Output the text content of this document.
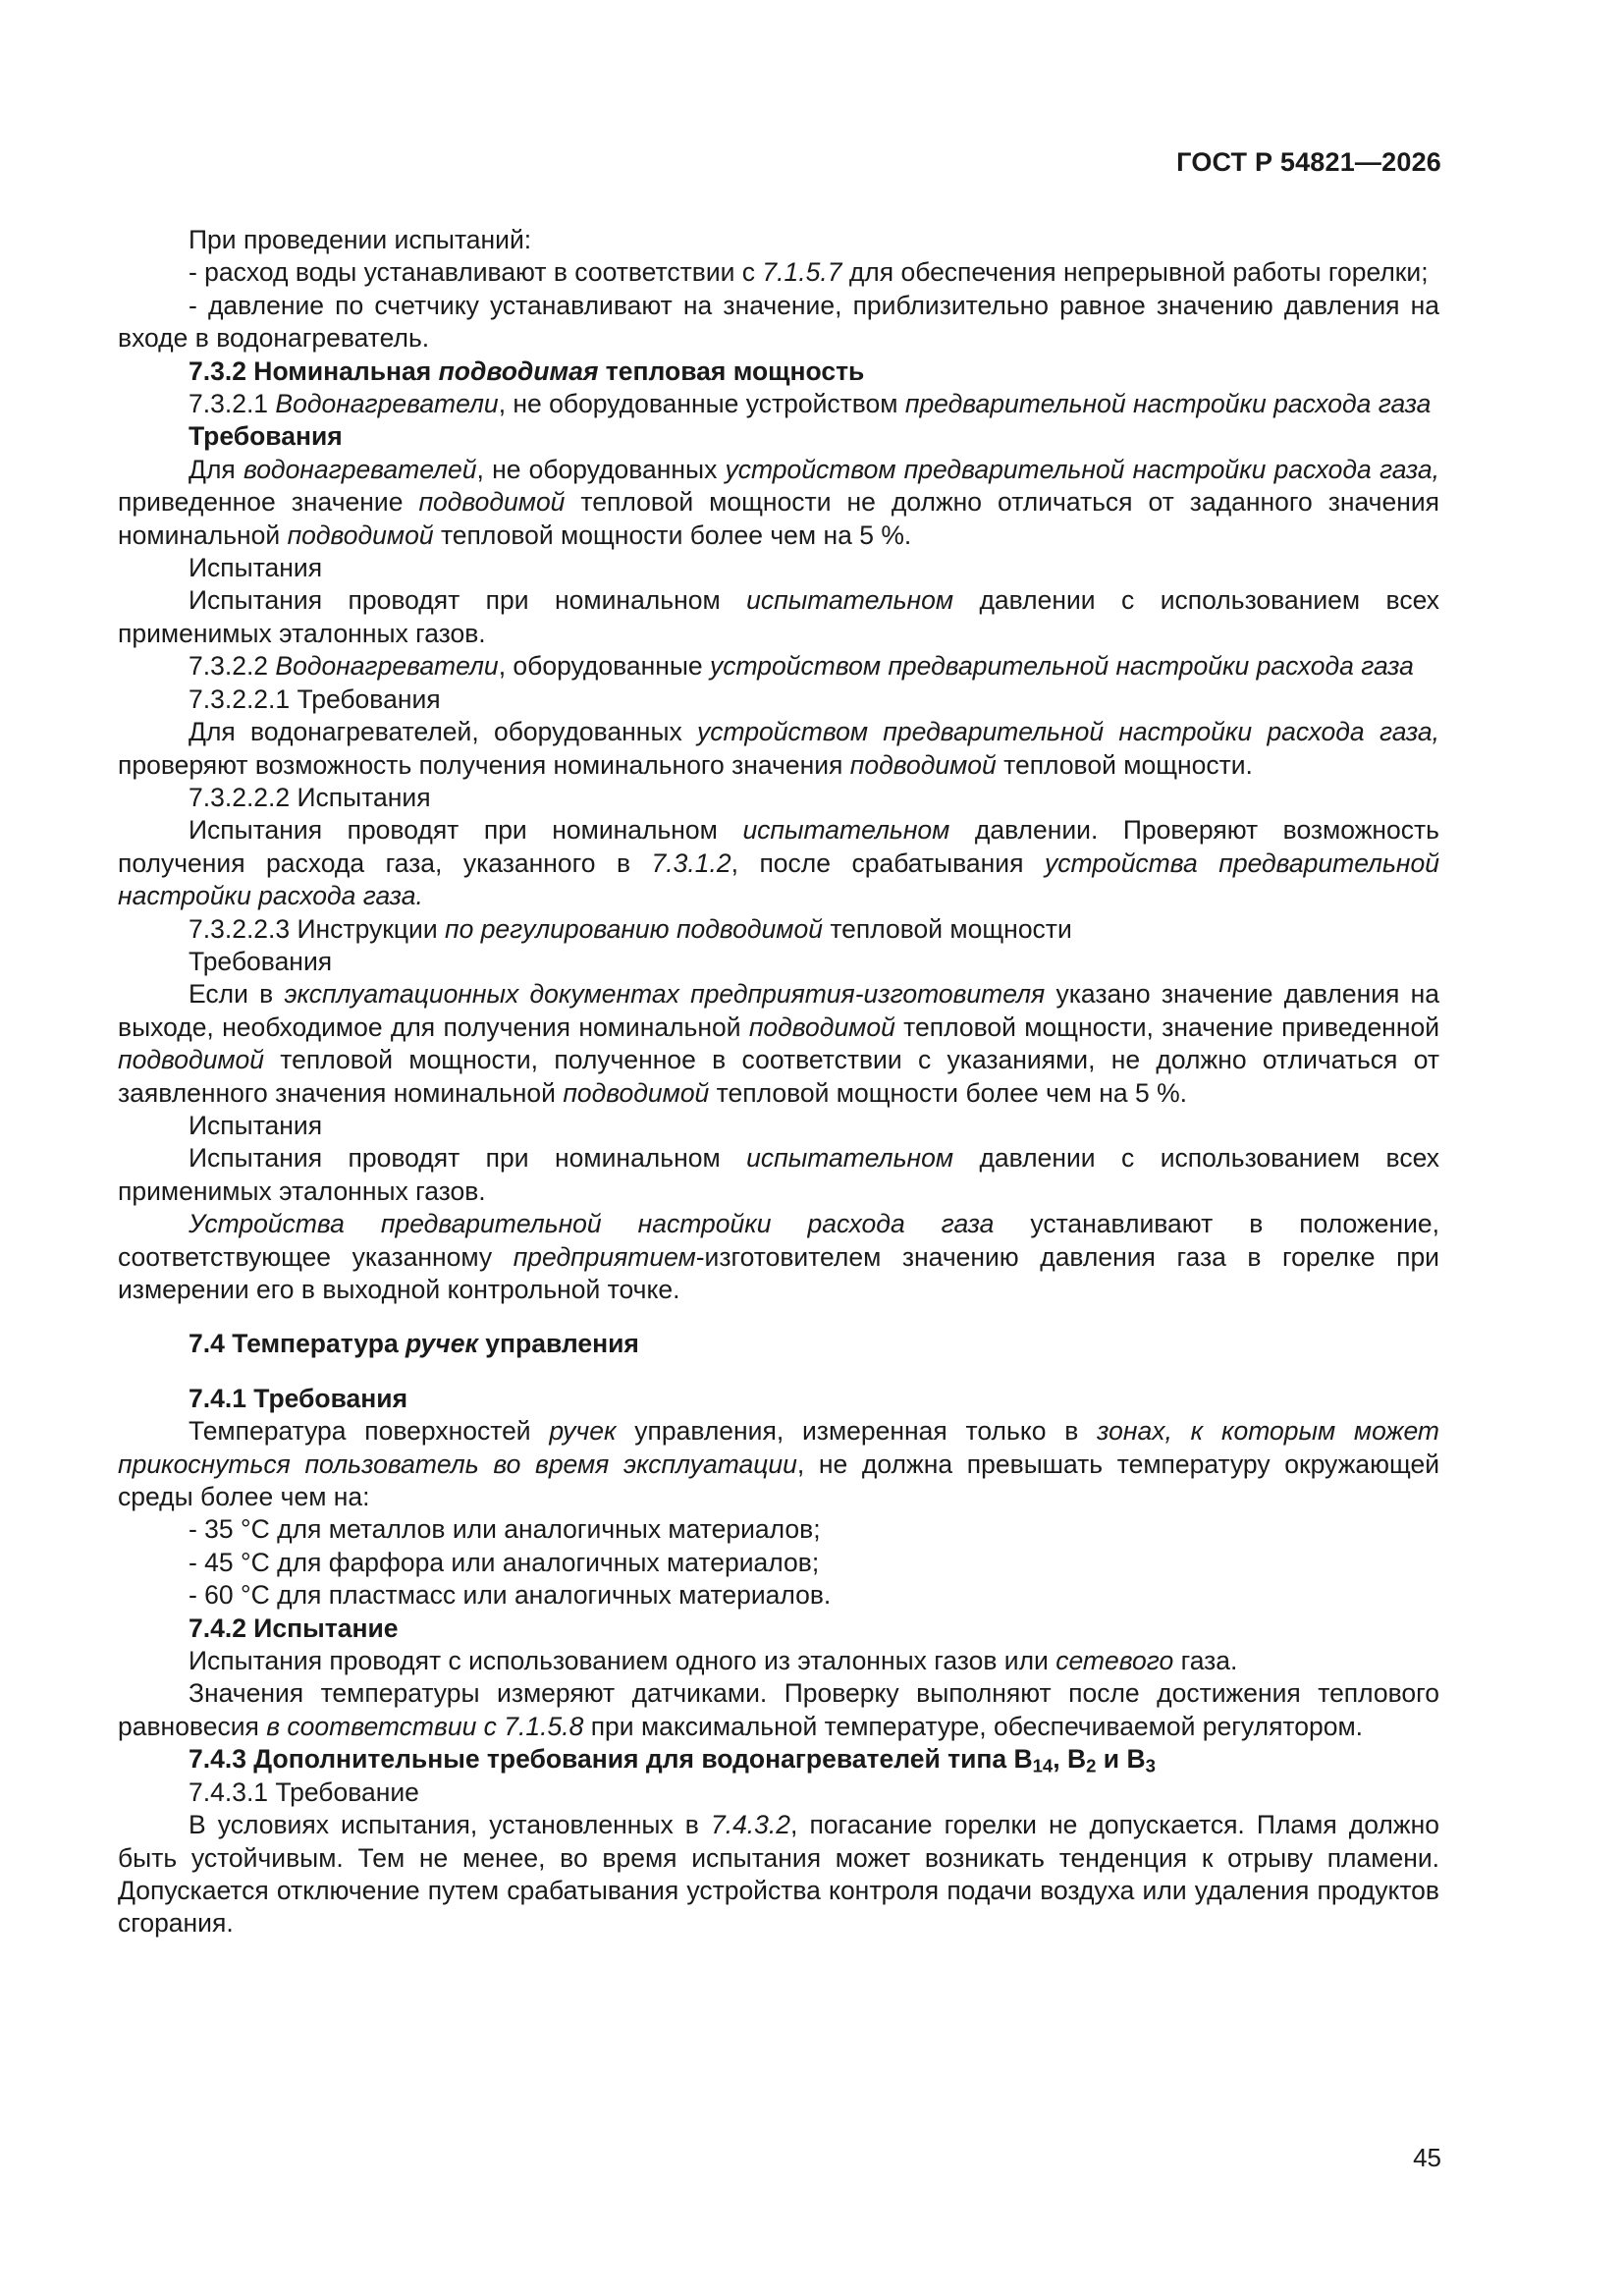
ГОСТ Р 54821—2026

При проведении испытаний:

- расход воды устанавливают в соответствии с 7.1.5.7 для обеспечения непрерывной работы горелки;

- давление по счетчику устанавливают на значение, приблизительно равное значению давления на входе в водонагреватель.

7.3.2 Номинальная подводимая тепловая мощность

7.3.2.1 Водонагреватели, не оборудованные устройством предварительной настройки расхода газа

Требования

Для водонагревателей, не оборудованных устройством предварительной настройки расхода газа, приведенное значение подводимой тепловой мощности не должно отличаться от заданного значения номинальной подводимой тепловой мощности более чем на 5 %.

Испытания

Испытания проводят при номинальном испытательном давлении с использованием всех применимых эталонных газов.

7.3.2.2 Водонагреватели, оборудованные устройством предварительной настройки расхода газа

7.3.2.2.1 Требования

Для водонагревателей, оборудованных устройством предварительной настройки расхода газа, проверяют возможность получения номинального значения подводимой тепловой мощности.

7.3.2.2.2 Испытания

Испытания проводят при номинальном испытательном давлении. Проверяют возможность получения расхода газа, указанного в 7.3.1.2, после срабатывания устройства предварительной настройки расхода газа.

7.3.2.2.3 Инструкции по регулированию подводимой тепловой мощности

Требования

Если в эксплуатационных документах предприятия-изготовителя указано значение давления на выходе, необходимое для получения номинальной подводимой тепловой мощности, значение приведенной подводимой тепловой мощности, полученное в соответствии с указаниями, не должно отличаться от заявленного значения номинальной подводимой тепловой мощности более чем на 5 %.

Испытания

Испытания проводят при номинальном испытательном давлении с использованием всех применимых эталонных газов.

Устройства предварительной настройки расхода газа устанавливают в положение, соответствующее указанному предприятием-изготовителем значению давления газа в горелке при измерении его в выходной контрольной точке.

7.4 Температура ручек управления

7.4.1 Требования

Температура поверхностей ручек управления, измеренная только в зонах, к которым может прикоснуться пользователь во время эксплуатации, не должна превышать температуру окружающей среды более чем на:

- 35 °C для металлов или аналогичных материалов;

- 45 °C для фарфора или аналогичных материалов;

- 60 °C для пластмасс или аналогичных материалов.

7.4.2 Испытание

Испытания проводят с использованием одного из эталонных газов или сетевого газа.

Значения температуры измеряют датчиками. Проверку выполняют после достижения теплового равновесия в соответствии с 7.1.5.8 при максимальной температуре, обеспечиваемой регулятором.

7.4.3 Дополнительные требования для водонагревателей типа $B_{14}$, $B_2$ и $B_3$

7.4.3.1 Требование

В условиях испытания, установленных в 7.4.3.2, погасание горелки не допускается. Пламя должно быть устойчивым. Тем не менее, во время испытания может возникать тенденция к отрыву пламени. Допускается отключение путем срабатывания устройства контроля подачи воздуха или удаления продуктов сгорания.

45
